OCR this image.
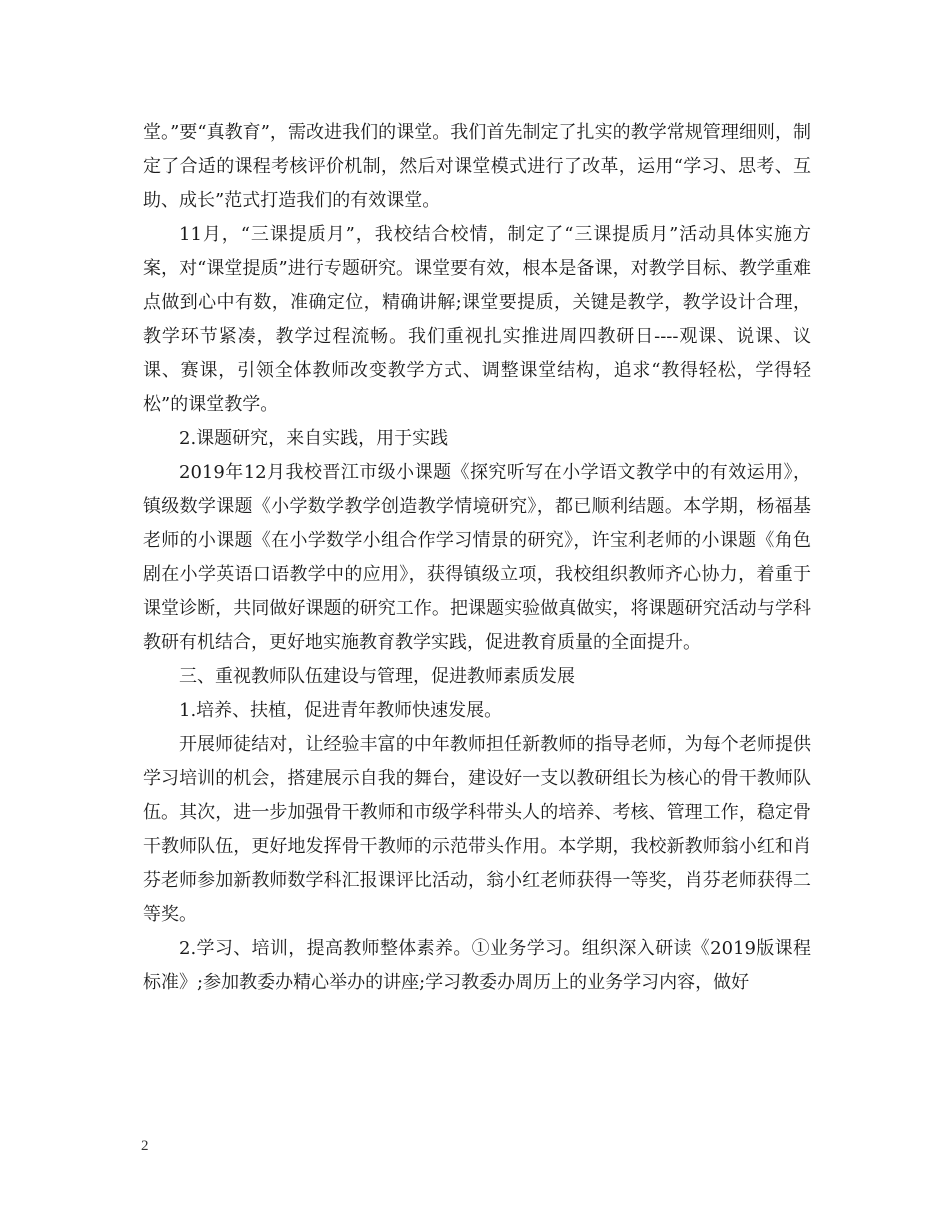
堂。”要“真教育”，需改进我们的课堂。我们首先制定了扎实的教学常规管理细则，制定了合适的课程考核评价机制，然后对课堂模式进行了改革，运用“学习、思考、互助、成长”范式打造我们的有效课堂。

11月，“三课提质月”，我校结合校情，制定了“三课提质月”活动具体实施方案，对“课堂提质”进行专题研究。课堂要有效，根本是备课，对教学目标、教学重难点做到心中有数，准确定位，精确讲解;课堂要提质，关键是教学，教学设计合理，教学环节紧凑，教学过程流畅。我们重视扎实推进周四教研日----观课、说课、议课、赛课，引领全体教师改变教学方式、调整课堂结构，追求“教得轻松，学得轻松”的课堂教学。

2.课题研究，来自实践，用于实践

2019年12月我校晋江市级小课题《探究听写在小学语文教学中的有效运用》，镇级数学课题《小学数学教学创造教学情境研究》，都已顺利结题。本学期，杨福基老师的小课题《在小学数学小组合作学习情景的研究》，许宝利老师的小课题《角色剧在小学英语口语教学中的应用》，获得镇级立项，我校组织教师齐心协力，着重于课堂诊断，共同做好课题的研究工作。把课题实验做真做实，将课题研究活动与学科教研有机结合，更好地实施教育教学实践，促进教育质量的全面提升。

三、重视教师队伍建设与管理，促进教师素质发展

1.培养、扶植，促进青年教师快速发展。

开展师徒结对，让经验丰富的中年教师担任新教师的指导老师，为每个老师提供学习培训的机会，搭建展示自我的舞台，建设好一支以教研组长为核心的骨干教师队伍。其次，进一步加强骨干教师和市级学科带头人的培养、考核、管理工作，稳定骨干教师队伍，更好地发挥骨干教师的示范带头作用。本学期，我校新教师翁小红和肖芬老师参加新教师数学科汇报课评比活动，翁小红老师获得一等奖，肖芬老师获得二等奖。

2.学习、培训，提高教师整体素养。①业务学习。组织深入研读《2019版课程标准》;参加教委办精心举办的讲座;学习教委办周历上的业务学习内容，做好

2
